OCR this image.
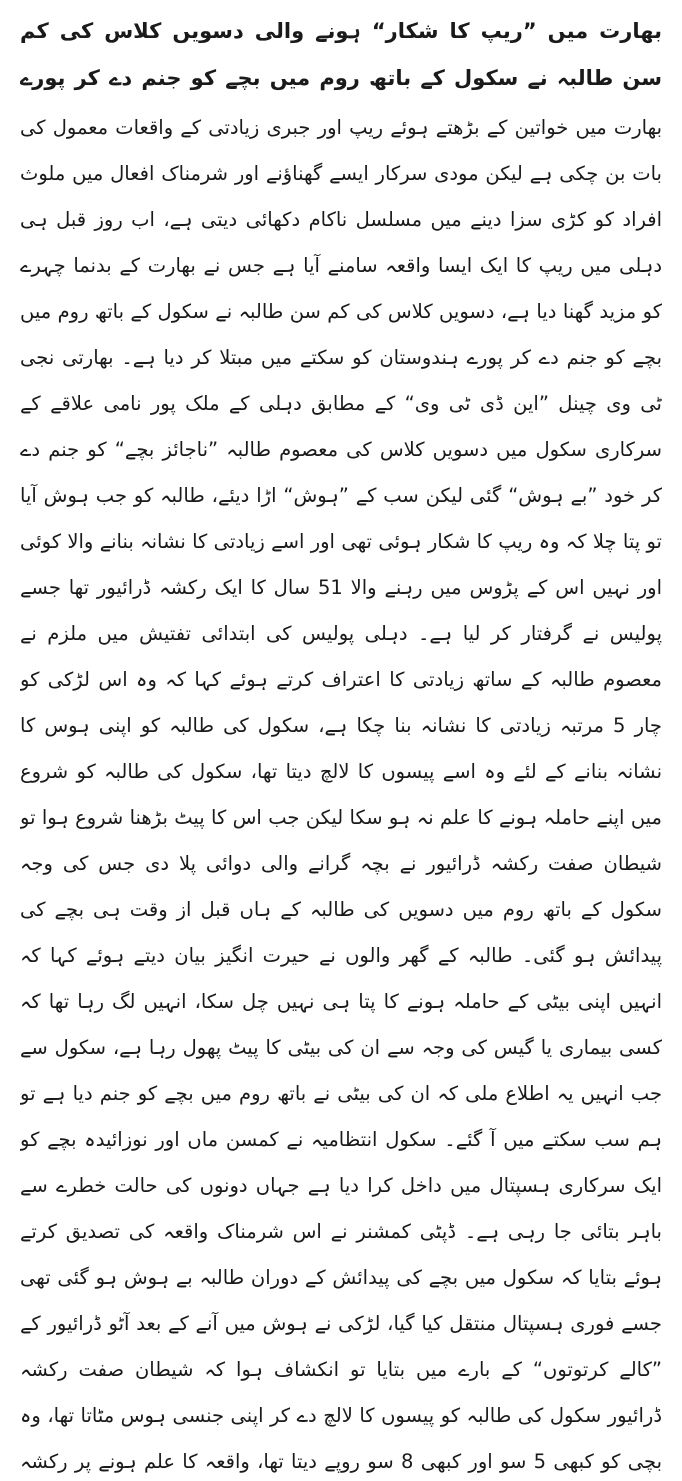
بھارت میں ”ریپ کا شکار“ ہونے والی دسویں کلاس کی کم سن طالبہ نے سکول کے باتھ روم میں بچے کو جنم دے کر پورے

بھارت میں خواتین کے بڑھتے ہوئے ریپ اور جبری زیادتی کے واقعات معمول کی بات بن چکی ہے لیکن مودی سرکار ایسے گھناؤنے اور شرمناک افعال میں ملوث افراد کو کڑی سزا دینے میں مسلسل ناکام دکھائی دیتی ہے، اب روز قبل ہی دہلی میں ریپ کا ایک ایسا واقعہ سامنے آیا ہے جس نے بھارت کے بدنما چہرے کو مزید گھنا دیا ہے، دسویں کلاس کی کم سن طالبہ نے سکول کے باتھ روم میں بچے کو جنم دے کر پورے ہندوستان کو سکتے میں مبتلا کر دیا ہے۔ بھارتی نجی ٹی وی چینل ”این ڈی ٹی وی“ کے مطابق دہلی کے ملک پور نامی علاقے کے سرکاری سکول میں دسویں کلاس کی معصوم طالبہ ”ناجائز بچے“ کو جنم دے کر خود ”بے ہوش“ گئی لیکن سب کے ”ہوش“ اڑا دیئے، طالبہ کو جب ہوش آیا تو پتا چلا کہ وہ ریپ کا شکار ہوئی تھی اور اسے زیادتی کا نشانہ بنانے والا کوئی اور نہیں اس کے پڑوس میں رہنے والا 51 سال کا ایک رکشہ ڈرائیور تھا جسے پولیس نے گرفتار کر لیا ہے۔ دہلی پولیس کی ابتدائی تفتیش میں ملزم نے معصوم طالبہ کے ساتھ زیادتی کا اعتراف کرتے ہوئے کہا کہ وہ اس لڑکی کو چار 5 مرتبہ زیادتی کا نشانہ بنا چکا ہے، سکول کی طالبہ کو اپنی ہوس کا نشانہ بنانے کے لئے وہ اسے پیسوں کا لالچ دیتا تھا، سکول کی طالبہ کو شروع میں اپنے حاملہ ہونے کا علم نہ ہو سکا لیکن جب اس کا پیٹ بڑھنا شروع ہوا تو شیطان صفت رکشہ ڈرائیور نے بچہ گرانے والی دوائی پلا دی جس کی وجہ سکول کے باتھ روم میں دسویں کی طالبہ کے ہاں قبل از وقت ہی بچے کی پیدائش ہو گئی۔ طالبہ کے گھر والوں نے حیرت انگیز بیان دیتے ہوئے کہا کہ انہیں اپنی بیٹی کے حاملہ ہونے کا پتا ہی نہیں چل سکا، انہیں لگ رہا تھا کہ کسی بیماری یا گیس کی وجہ سے ان کی بیٹی کا پیٹ پھول رہا ہے، سکول سے جب انہیں یہ اطلاع ملی کہ ان کی بیٹی نے باتھ روم میں بچے کو جنم دیا ہے تو ہم سب سکتے میں آ گئے۔ سکول انتظامیہ نے کمسن ماں اور نوزائیدہ بچے کو ایک سرکاری ہسپتال میں داخل کرا دیا ہے جہاں دونوں کی حالت خطرے سے باہر بتائی جا رہی ہے۔ ڈپٹی کمشنر نے اس شرمناک واقعہ کی تصدیق کرتے ہوئے بتایا کہ سکول میں بچے کی پیدائش کے دوران طالبہ بے ہوش ہو گئی تھی جسے فوری ہسپتال منتقل کیا گیا، لڑکی نے ہوش میں آنے کے بعد آٹو ڈرائیور کے ”کالے کرتوتوں“ کے بارے میں بتایا تو انکشاف ہوا کہ شیطان صفت رکشہ ڈرائیور سکول کی طالبہ کو پیسوں کا لالچ دے کر اپنی جنسی ہوس مٹاتا تھا، وہ بچی کو کبھی 5 سو اور کبھی 8 سو روپے دیتا تھا، واقعہ کا علم ہونے پر رکشہ
